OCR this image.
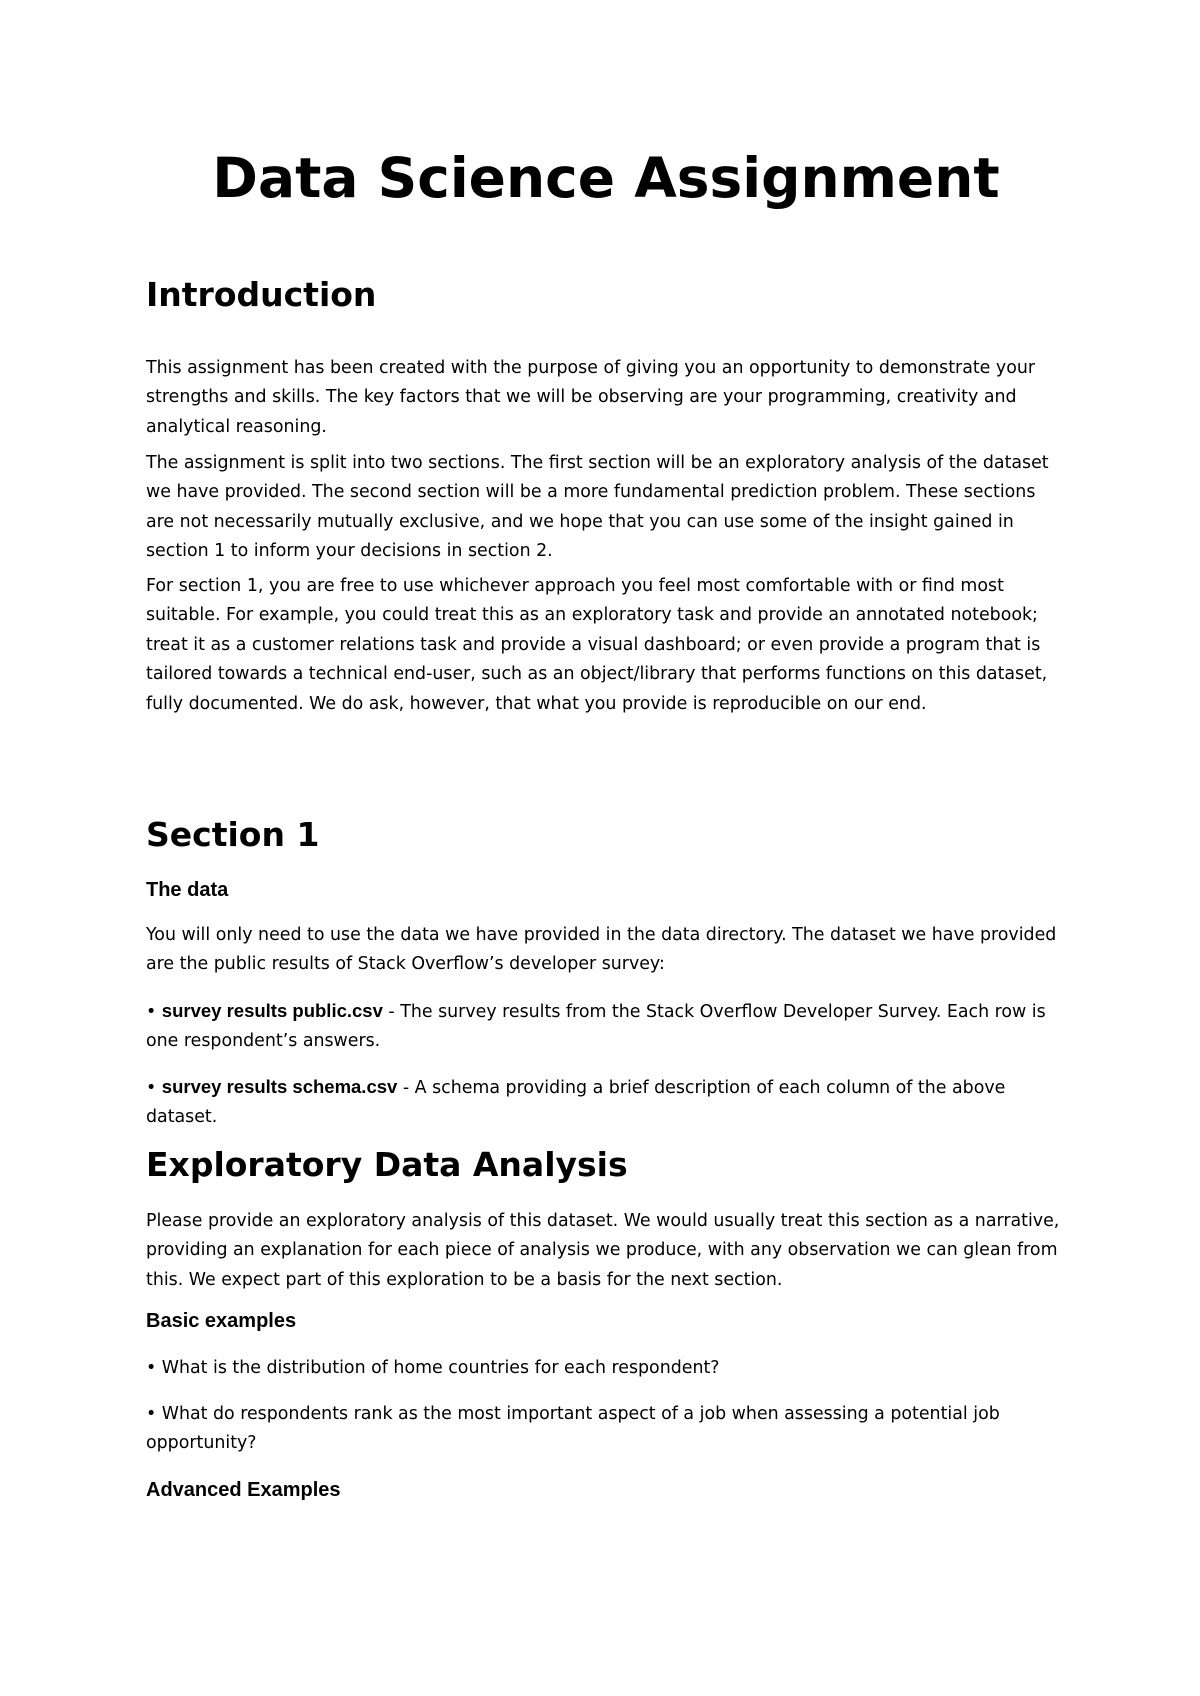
Data Science Assignment
Introduction

This assignment has been created with the purpose of giving you an opportunity to demonstrate your strengths and skills. The key factors that we will be observing are your programming, creativity and analytical reasoning.

The assignment is split into two sections. The first section will be an exploratory analysis of the dataset we have provided. The second section will be a more fundamental prediction problem. These sections are not necessarily mutually exclusive, and we hope that you can use some of the insight gained in section 1 to inform your decisions in section 2.

For section 1, you are free to use whichever approach you feel most comfortable with or find most suitable. For example, you could treat this as an exploratory task and provide an annotated notebook; treat it as a customer relations task and provide a visual dashboard; or even provide a program that is tailored towards a technical end-user, such as an object/library that performs functions on this dataset, fully documented. We do ask, however, that what you provide is reproducible on our end.

Section 1
The data

You will only need to use the data we have provided in the data directory. The dataset we have provided are the public results of Stack Overflow’s developer survey:

• survey results public.csv - The survey results from the Stack Overflow Developer Survey. Each row is one respondent’s answers.

• survey results schema.csv - A schema providing a brief description of each column of the above dataset.

Exploratory Data Analysis

Please provide an exploratory analysis of this dataset. We would usually treat this section as a narrative, providing an explanation for each piece of analysis we produce, with any observation we can glean from this. We expect part of this exploration to be a basis for the next section.

Basic examples

• What is the distribution of home countries for each respondent?

• What do respondents rank as the most important aspect of a job when assessing a potential job opportunity?

Advanced Examples
